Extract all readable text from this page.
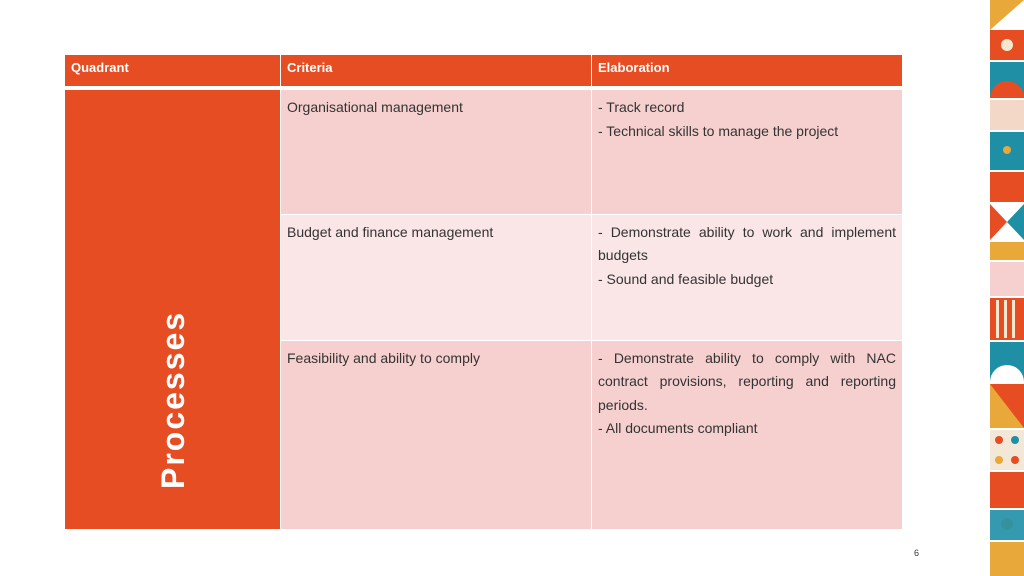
Quadrant	Criteria	Elaboration

Processes	Organisational management	- Track record
- Technical skills to manage the project

	Budget and finance management	- Demonstrate ability to work and implement budgets
- Sound and feasible budget

	Feasibility and ability to comply	- Demonstrate ability to comply with NAC contract provisions, reporting and reporting periods.
- All documents compliant
6
